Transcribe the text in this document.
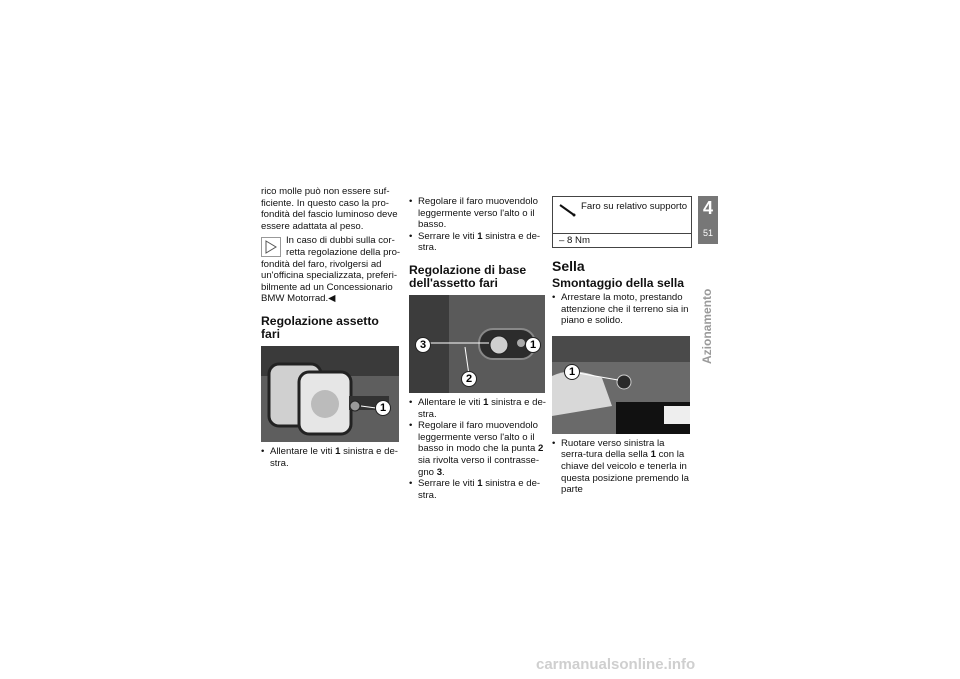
rico molle può non essere suf-ficiente. In questo caso la pro-fondità del fascio luminoso deve essere adattata al peso.

In caso di dubbi sulla cor-retta regolazione della pro-fondità del faro, rivolgersi ad un'officina specializzata, preferi-bilmente ad un Concessionario BMW Motorrad.◀

Regolazione assetto fari
1
• Allentare le viti 1 sinistra e de-stra.
• Regolare il faro muovendolo leggermente verso l'alto o il basso.
• Serrare le viti 1 sinistra e de-stra.
Regolazione di base dell'assetto fari
3	1
2
• Allentare le viti 1 sinistra e de-stra.
• Regolare il faro muovendolo leggermente verso l'alto o il basso in modo che la punta 2 sia rivolta verso il contrasse-gno 3.
• Serrare le viti 1 sinistra e de-stra.
Faro su relativo supporto
– 8 Nm
Sella
Smontaggio della sella
• Arrestare la moto, prestando attenzione che il terreno sia in piano e solido.
1
• Ruotare verso sinistra la serra-tura della sella 1 con la chiave del veicolo e tenerla in questa posizione premendo la parte
4
51
Azionamento
carmanualsonline.info
